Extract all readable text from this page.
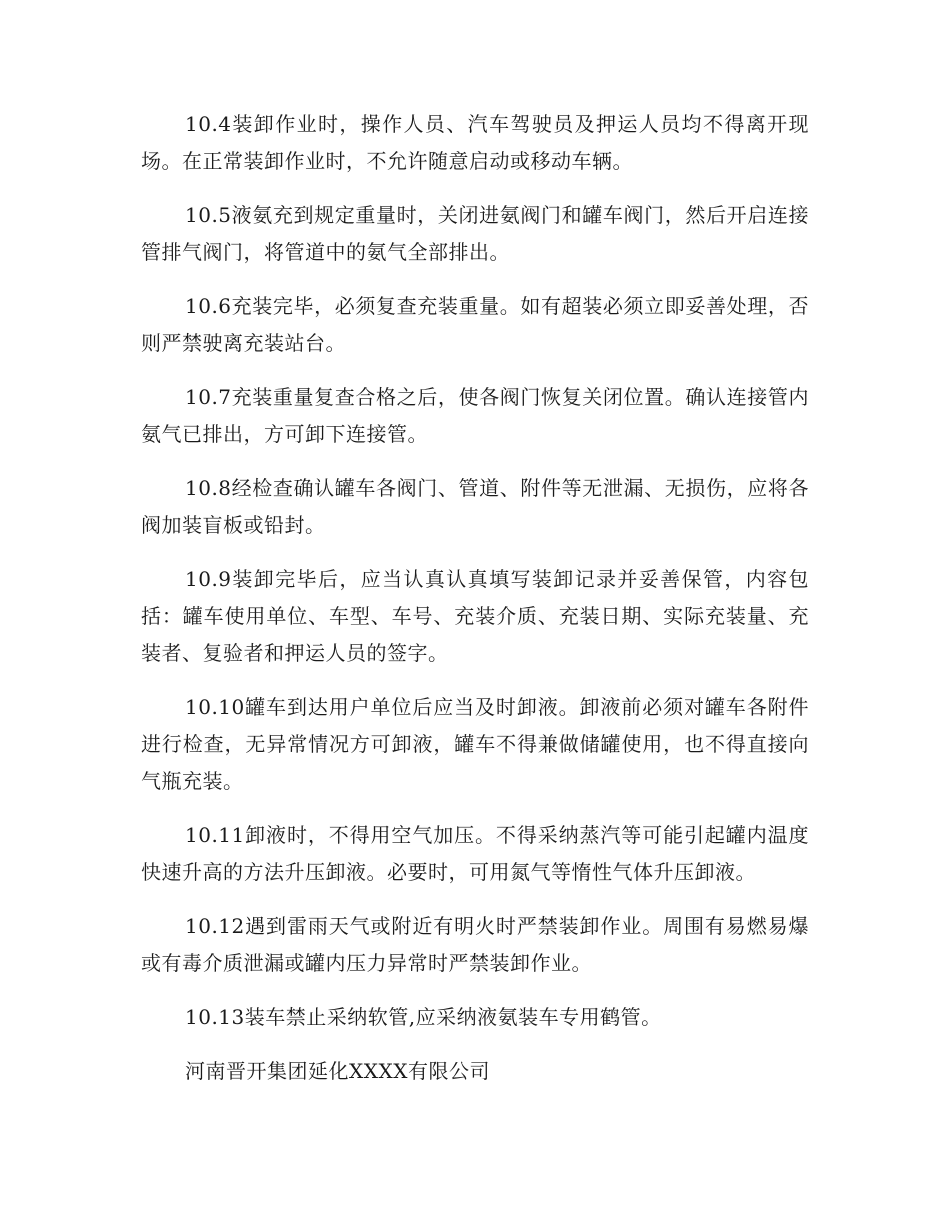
10.4装卸作业时，操作人员、汽车驾驶员及押运人员均不得离开现场。在正常装卸作业时，不允许随意启动或移动车辆。

10.5液氨充到规定重量时，关闭进氨阀门和罐车阀门，然后开启连接管排气阀门，将管道中的氨气全部排出。

10.6充装完毕，必须复查充装重量。如有超装必须立即妥善处理，否则严禁驶离充装站台。

10.7充装重量复查合格之后，使各阀门恢复关闭位置。确认连接管内氨气已排出，方可卸下连接管。

10.8经检查确认罐车各阀门、管道、附件等无泄漏、无损伤，应将各阀加装盲板或铅封。

10.9装卸完毕后，应当认真认真填写装卸记录并妥善保管，内容包括：罐车使用单位、车型、车号、充装介质、充装日期、实际充装量、充装者、复验者和押运人员的签字。

10.10罐车到达用户单位后应当及时卸液。卸液前必须对罐车各附件进行检查，无异常情况方可卸液，罐车不得兼做储罐使用，也不得直接向气瓶充装。

10.11卸液时，不得用空气加压。不得采纳蒸汽等可能引起罐内温度快速升高的方法升压卸液。必要时，可用氮气等惰性气体升压卸液。

10.12遇到雷雨天气或附近有明火时严禁装卸作业。周围有易燃易爆或有毒介质泄漏或罐内压力异常时严禁装卸作业。

10.13装车禁止采纳软管,应采纳液氨装车专用鹤管。

河南晋开集团延化XXXX有限公司
